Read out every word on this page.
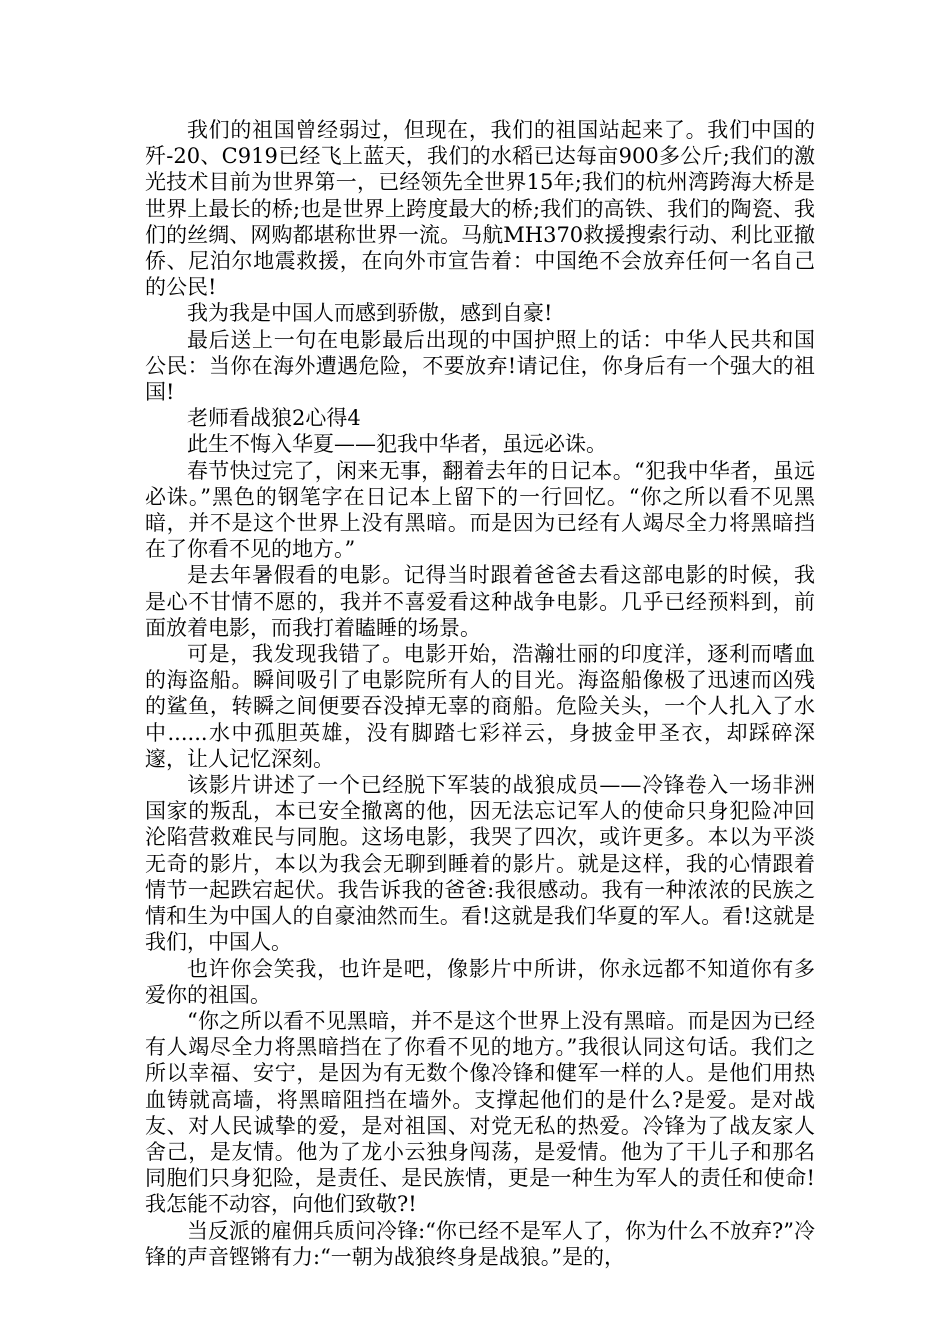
我们的祖国曾经弱过，但现在，我们的祖国站起来了。我们中国的歼-20、C919已经飞上蓝天，我们的水稻已达每亩900多公斤;我们的激光技术目前为世界第一，已经领先全世界15年;我们的杭州湾跨海大桥是世界上最长的桥;也是世界上跨度最大的桥;我们的高铁、我们的陶瓷、我们的丝绸、网购都堪称世界一流。马航MH370救援搜索行动、利比亚撤侨、尼泊尔地震救援，在向外市宣告着：中国绝不会放弃任何一名自己的公民!

我为我是中国人而感到骄傲，感到自豪!

最后送上一句在电影最后出现的中国护照上的话：中华人民共和国公民：当你在海外遭遇危险，不要放弃!请记住，你身后有一个强大的祖国!

老师看战狼2心得4

此生不悔入华夏——犯我中华者，虽远必诛。

春节快过完了，闲来无事，翻着去年的日记本。“犯我中华者，虽远必诛。”黑色的钢笔字在日记本上留下的一行回忆。“你之所以看不见黑暗，并不是这个世界上没有黑暗。而是因为已经有人竭尽全力将黑暗挡在了你看不见的地方。”

是去年暑假看的电影。记得当时跟着爸爸去看这部电影的时候，我是心不甘情不愿的，我并不喜爱看这种战争电影。几乎已经预料到，前面放着电影，而我打着瞌睡的场景。

可是，我发现我错了。电影开始，浩瀚壮丽的印度洋，逐利而嗜血的海盗船。瞬间吸引了电影院所有人的目光。海盗船像极了迅速而凶残的鲨鱼，转瞬之间便要吞没掉无辜的商船。危险关头，一个人扎入了水中......水中孤胆英雄，没有脚踏七彩祥云，身披金甲圣衣，却踩碎深邃，让人记忆深刻。

该影片讲述了一个已经脱下军装的战狼成员——冷锋卷入一场非洲国家的叛乱，本已安全撤离的他，因无法忘记军人的使命只身犯险冲回沦陷营救难民与同胞。这场电影，我哭了四次，或许更多。本以为平淡无奇的影片，本以为我会无聊到睡着的影片。就是这样，我的心情跟着情节一起跌宕起伏。我告诉我的爸爸:我很感动。我有一种浓浓的民族之情和生为中国人的自豪油然而生。看!这就是我们华夏的军人。看!这就是我们，中国人。

也许你会笑我，也许是吧，像影片中所讲，你永远都不知道你有多爱你的祖国。

“你之所以看不见黑暗，并不是这个世界上没有黑暗。而是因为已经有人竭尽全力将黑暗挡在了你看不见的地方。”我很认同这句话。我们之所以幸福、安宁，是因为有无数个像冷锋和健军一样的人。是他们用热血铸就高墙，将黑暗阻挡在墙外。支撑起他们的是什么?是爱。是对战友、对人民诚挚的爱，是对祖国、对党无私的热爱。冷锋为了战友家人舍己，是友情。他为了龙小云独身闯荡，是爱情。他为了干儿子和那名同胞们只身犯险，是责任、是民族情，更是一种生为军人的责任和使命!我怎能不动容，向他们致敬?!

当反派的雇佣兵质问冷锋:“你已经不是军人了，你为什么不放弃?”冷锋的声音铿锵有力:“一朝为战狼终身是战狼。”是的，
